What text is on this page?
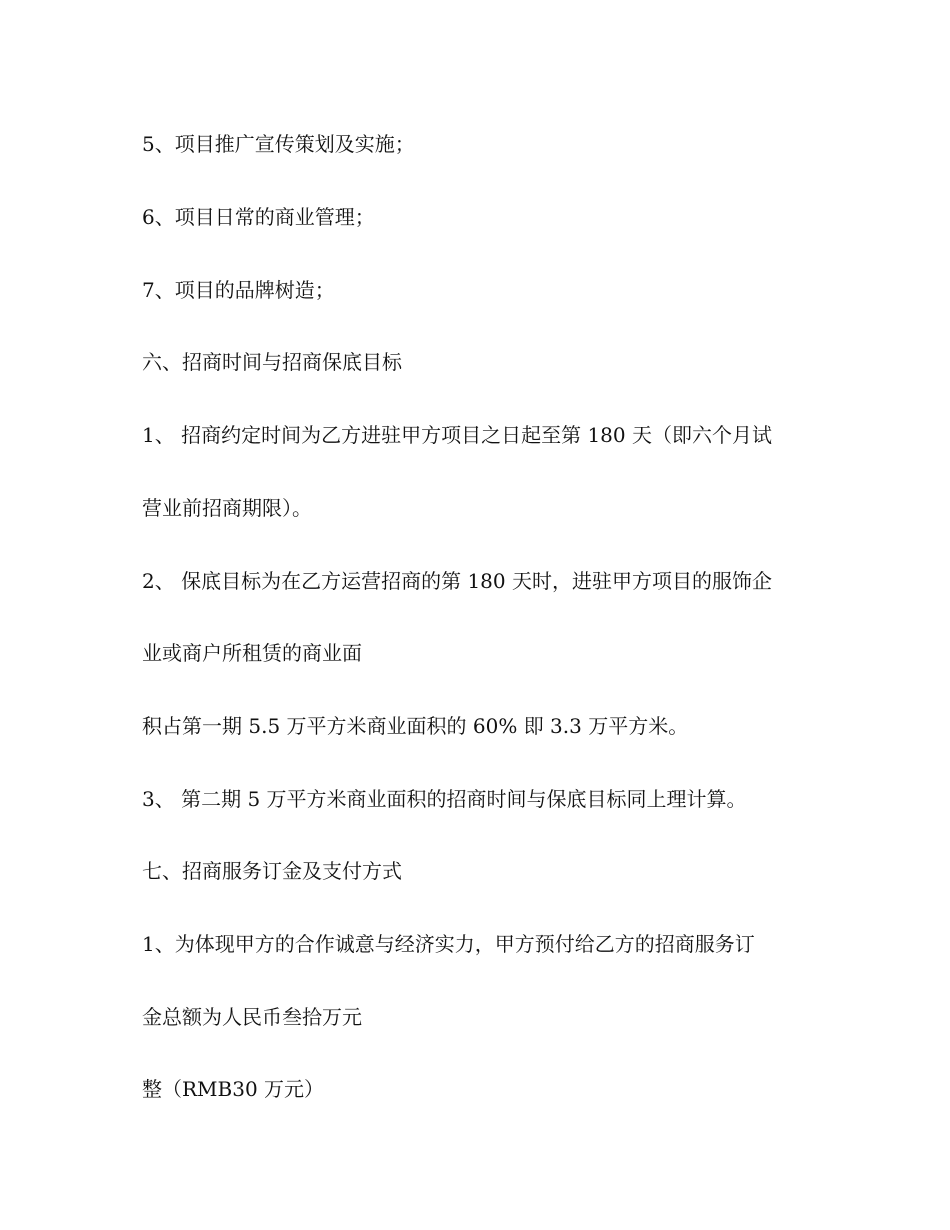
5、项目推广宣传策划及实施；

6、项目日常的商业管理；

7、项目的品牌树造；

六、招商时间与招商保底目标

1、 招商约定时间为乙方进驻甲方项目之日起至第 180 天（即六个月试

营业前招商期限）。

2、 保底目标为在乙方运营招商的第 180 天时，进驻甲方项目的服饰企

业或商户所租赁的商业面

积占第一期 5.5 万平方米商业面积的 60% 即 3.3 万平方米。

3、 第二期 5 万平方米商业面积的招商时间与保底目标同上理计算。

七、招商服务订金及支付方式

1、为体现甲方的合作诚意与经济实力，甲方预付给乙方的招商服务订

金总额为人民币叁拾万元

整（RMB30 万元）
